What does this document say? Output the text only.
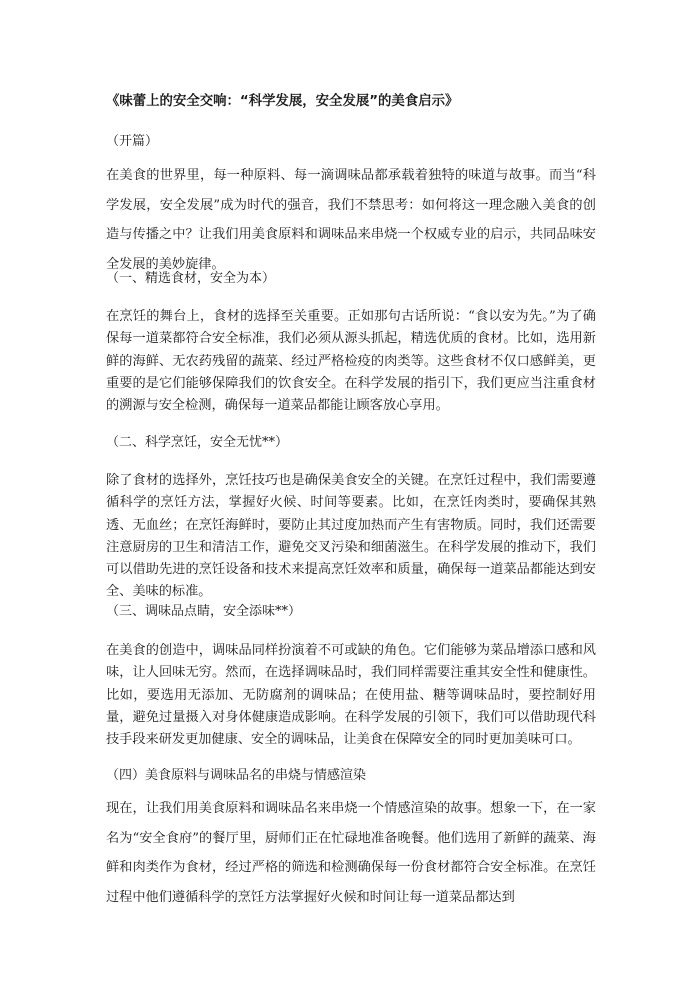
《味蕾上的安全交响：“科学发展，安全发展”的美食启示》
（开篇）
在美食的世界里，每一种原料、每一滴调味品都承载着独特的味道与故事。而当“科学发展，安全发展”成为时代的强音，我们不禁思考：如何将这一理念融入美食的创造与传播之中？让我们用美食原料和调味品来串烧一个权威专业的启示，共同品味安全发展的美妙旋律。
（一、精选食材，安全为本）
在烹饪的舞台上，食材的选择至关重要。正如那句古话所说：“食以安为先。”为了确保每一道菜都符合安全标准，我们必须从源头抓起，精选优质的食材。比如，选用新鲜的海鲜、无农药残留的蔬菜、经过严格检疫的肉类等。这些食材不仅口感鲜美，更重要的是它们能够保障我们的饮食安全。在科学发展的指引下，我们更应当注重食材的溯源与安全检测，确保每一道菜品都能让顾客放心享用。
（二、科学烹饪，安全无忧**）
除了食材的选择外，烹饪技巧也是确保美食安全的关键。在烹饪过程中，我们需要遵循科学的烹饪方法，掌握好火候、时间等要素。比如，在烹饪肉类时，要确保其熟透、无血丝；在烹饪海鲜时，要防止其过度加热而产生有害物质。同时，我们还需要注意厨房的卫生和清洁工作，避免交叉污染和细菌滋生。在科学发展的推动下，我们可以借助先进的烹饪设备和技术来提高烹饪效率和质量，确保每一道菜品都能达到安全、美味的标准。
（三、调味品点睛，安全添味**）
在美食的创造中，调味品同样扮演着不可或缺的角色。它们能够为菜品增添口感和风味，让人回味无穷。然而，在选择调味品时，我们同样需要注重其安全性和健康性。比如，要选用无添加、无防腐剂的调味品；在使用盐、糖等调味品时，要控制好用量，避免过量摄入对身体健康造成影响。在科学发展的引领下，我们可以借助现代科技手段来研发更加健康、安全的调味品，让美食在保障安全的同时更加美味可口。
（四）美食原料与调味品名的串烧与情感渲染
现在，让我们用美食原料和调味品名来串烧一个情感渲染的故事。想象一下，在一家名为“安全食府”的餐厅里，厨师们正在忙碌地准备晚餐。他们选用了新鲜的蔬菜、海鲜和肉类作为食材，经过严格的筛选和检测确保每一份食材都符合安全标准。在烹饪过程中他们遵循科学的烹饪方法掌握好火候和时间让每一道菜品都达到
